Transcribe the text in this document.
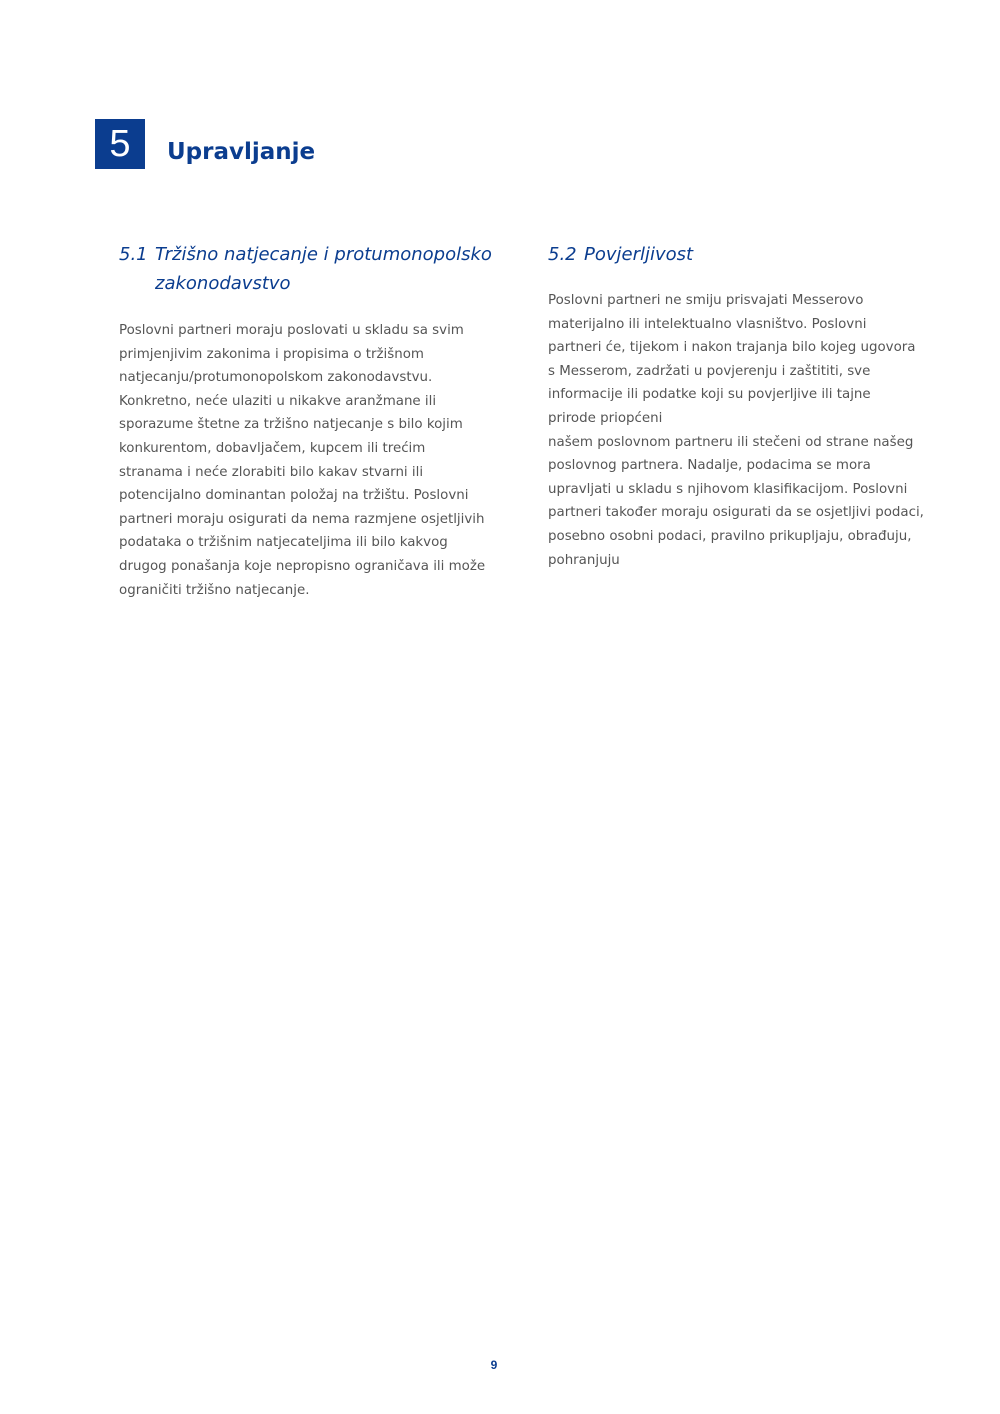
5	Upravljanje
5.1 Tržišno natjecanje i protumonopolsko
zakonodavstvo

Poslovni partneri moraju poslovati u skladu sa svim
primjenjivim zakonima i propisima o tržišnom
natjecanju/protumonopolskom zakonodavstvu.
Konkretno, neće ulaziti u nikakve aranžmane ili
sporazume štetne za tržišno natjecanje s bilo kojim
konkurentom, dobavljačem, kupcem ili trećim
stranama i neće zlorabiti bilo kakav stvarni ili
potencijalno dominantan položaj na tržištu. Poslovni
partneri moraju osigurati da nema razmjene osjetljivih
podataka o tržišnim natjecateljima ili bilo kakvog
drugog ponašanja koje nepropisno ograničava ili može
ograničiti tržišno natjecanje.

5.2 Povjerljivost

Poslovni partneri ne smiju prisvajati Messerovo
materijalno ili intelektualno vlasništvo. Poslovni
partneri će, tijekom i nakon trajanja bilo kojeg ugovora
s Messerom, zadržati u povjerenju i zaštititi, sve
informacije ili podatke koji su povjerljive ili tajne
prirode priopćeni
našem poslovnom partneru ili stečeni od strane našeg
poslovnog partnera. Nadalje, podacima se mora
upravljati u skladu s njihovom klasifikacijom. Poslovni
partneri također moraju osigurati da se osjetljivi podaci,
posebno osobni podaci, pravilno prikupljaju, obrađuju,
pohranjuju

9
